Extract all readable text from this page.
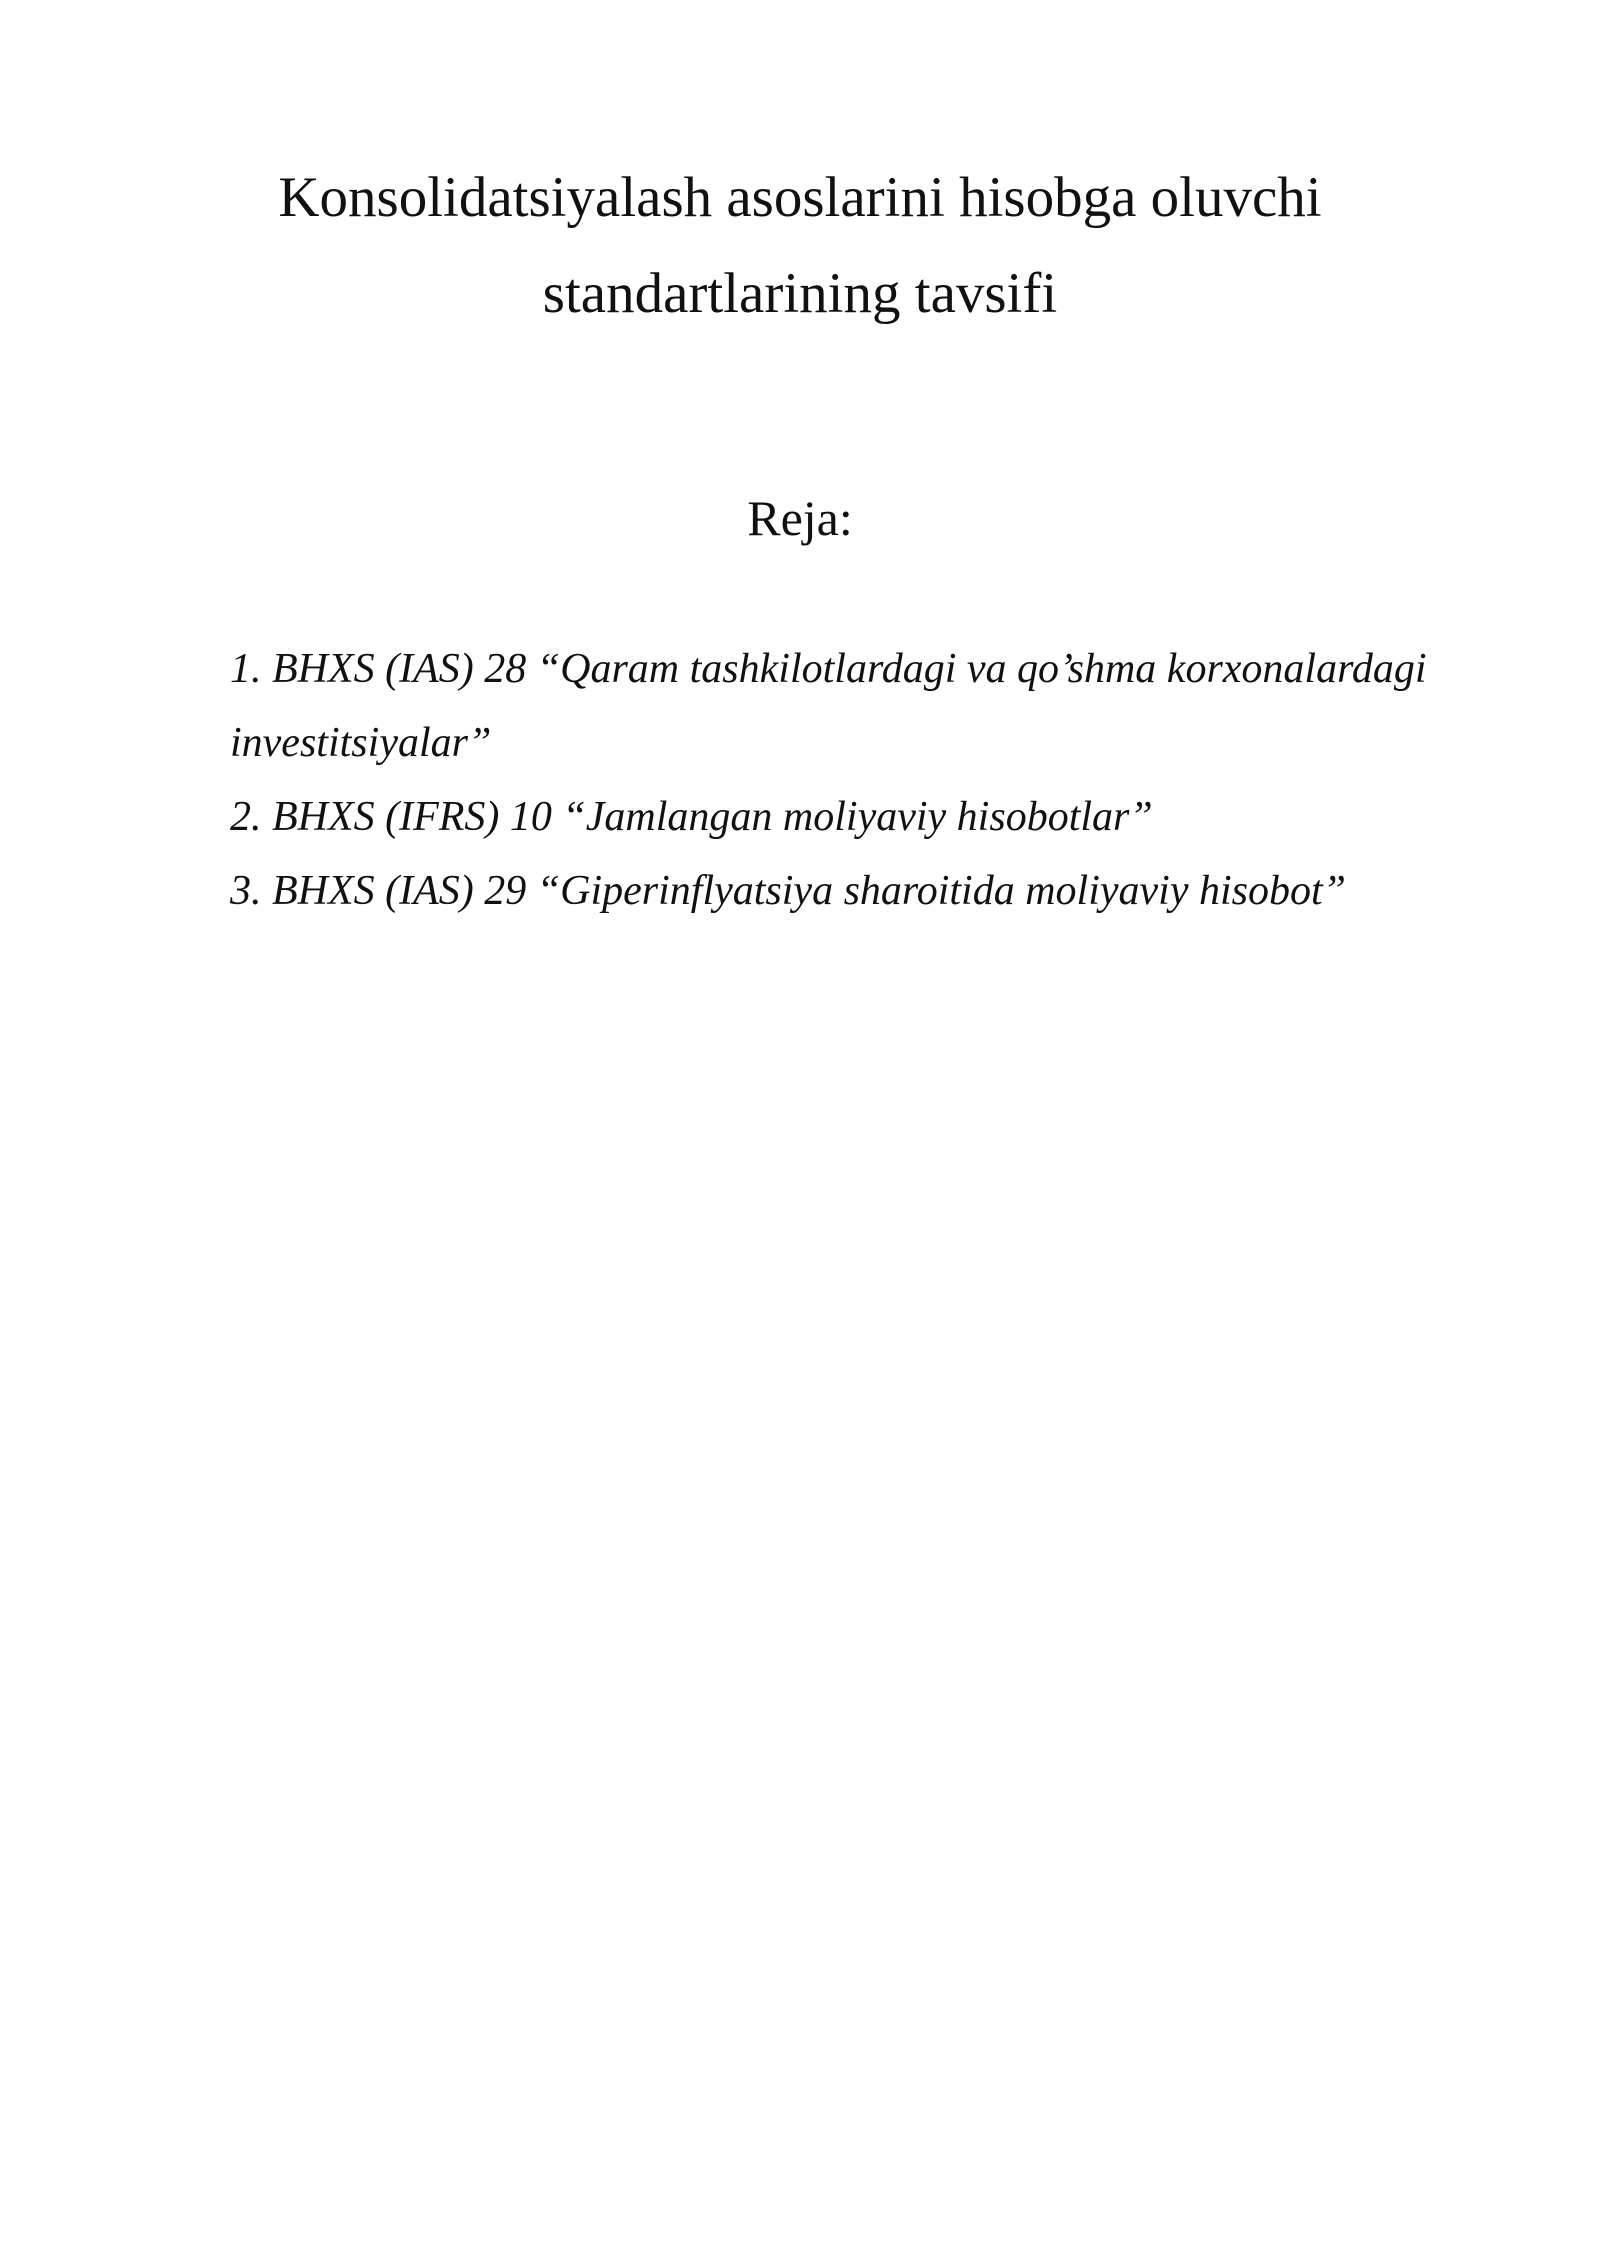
Konsolidatsiyalash asoslarini hisobga oluvchi
standartlarining tavsifi
Reja:
1. BHXS (IAS) 28 “Qaram tashkilotlardagi va qo’shma korxonalardagi investitsiyalar”
2. BHXS (IFRS) 10 “Jamlangan moliyaviy hisobotlar”
3. BHXS (IAS) 29 “Giperinflyatsiya sharoitida moliyaviy hisobot”
